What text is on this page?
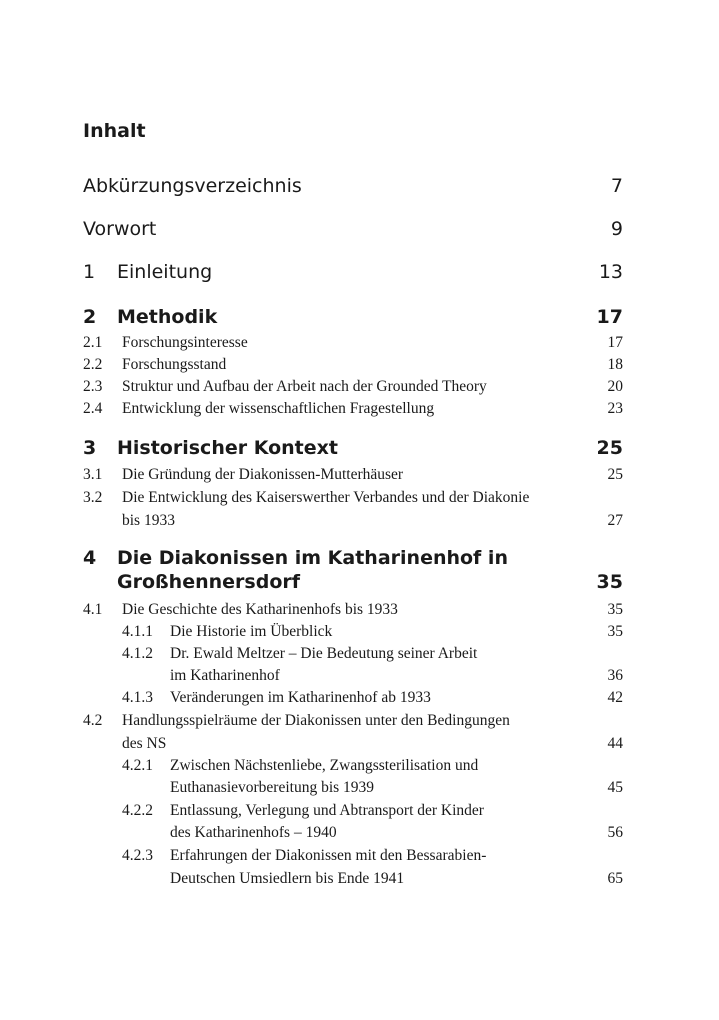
Inhalt
Abkürzungsverzeichnis	7
Vorwort	9
1 Einleitung	13
2 Methodik	17
2.1 Forschungsinteresse	17
2.2 Forschungsstand	18
2.3 Struktur und Aufbau der Arbeit nach der Grounded Theory	20
2.4 Entwicklung der wissenschaftlichen Fragestellung	23
3 Historischer Kontext	25
3.1 Die Gründung der Diakonissen-Mutterhäuser	25
3.2 Die Entwicklung des Kaiserswerther Verbandes und der Diakonie
bis 1933	27
4 Die Diakonissen im Katharinenhof in
Großhennersdorf	35
4.1 Die Geschichte des Katharinenhofs bis 1933	35
4.1.1 Die Historie im Überblick	35
4.1.2 Dr. Ewald Meltzer – Die Bedeutung seiner Arbeit
im Katharinenhof	36
4.1.3 Veränderungen im Katharinenhof ab 1933	42
4.2 Handlungsspielräume der Diakonissen unter den Bedingungen
des NS	44
4.2.1 Zwischen Nächstenliebe, Zwangssterilisation und
Euthanasievorbereitung bis 1939	45
4.2.2 Entlassung, Verlegung und Abtransport der Kinder
des Katharinenhofs – 1940	56
4.2.3 Erfahrungen der Diakonissen mit den Bessarabien-
Deutschen Umsiedlern bis Ende 1941	65
